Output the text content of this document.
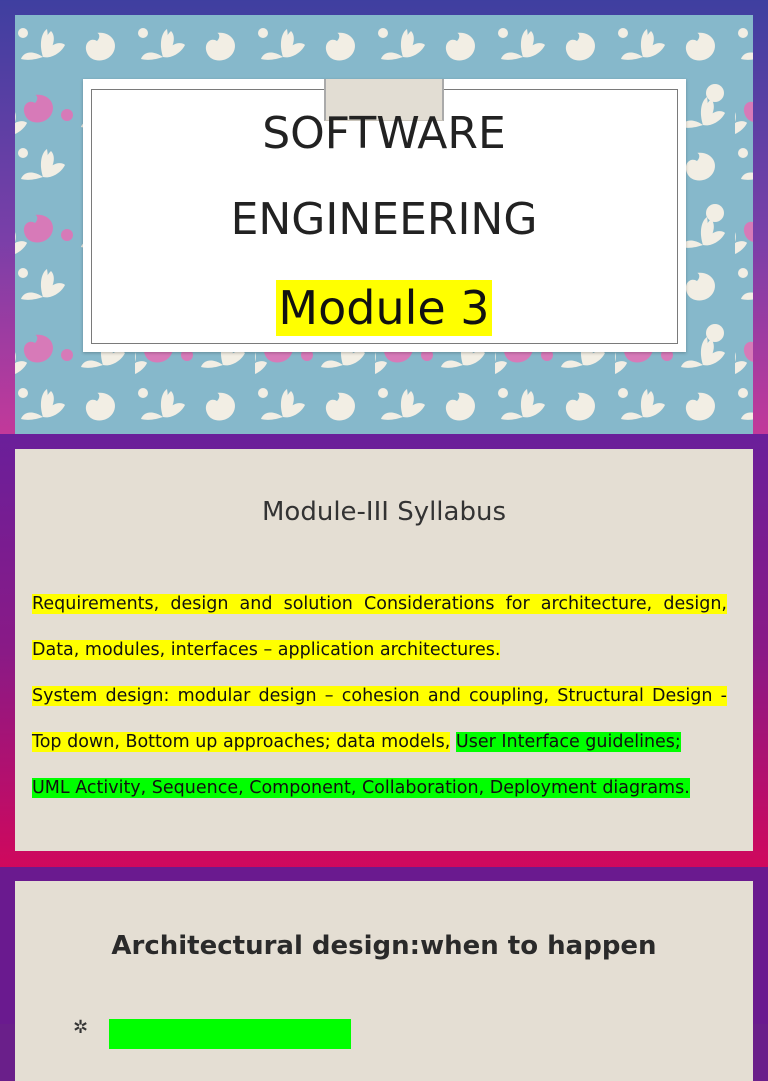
SOFTWARE
ENGINEERING
Module 3
Module-III Syllabus

Requirements, design and solution Considerations for architecture, design, Data, modules, interfaces – application architectures.

System design: modular design – cohesion and coupling, Structural Design -Top down, Bottom up approaches; data models, User Interface guidelines;

UML Activity, Sequence, Component, Collaboration, Deployment diagrams.

Architectural design:when to happen
✲
